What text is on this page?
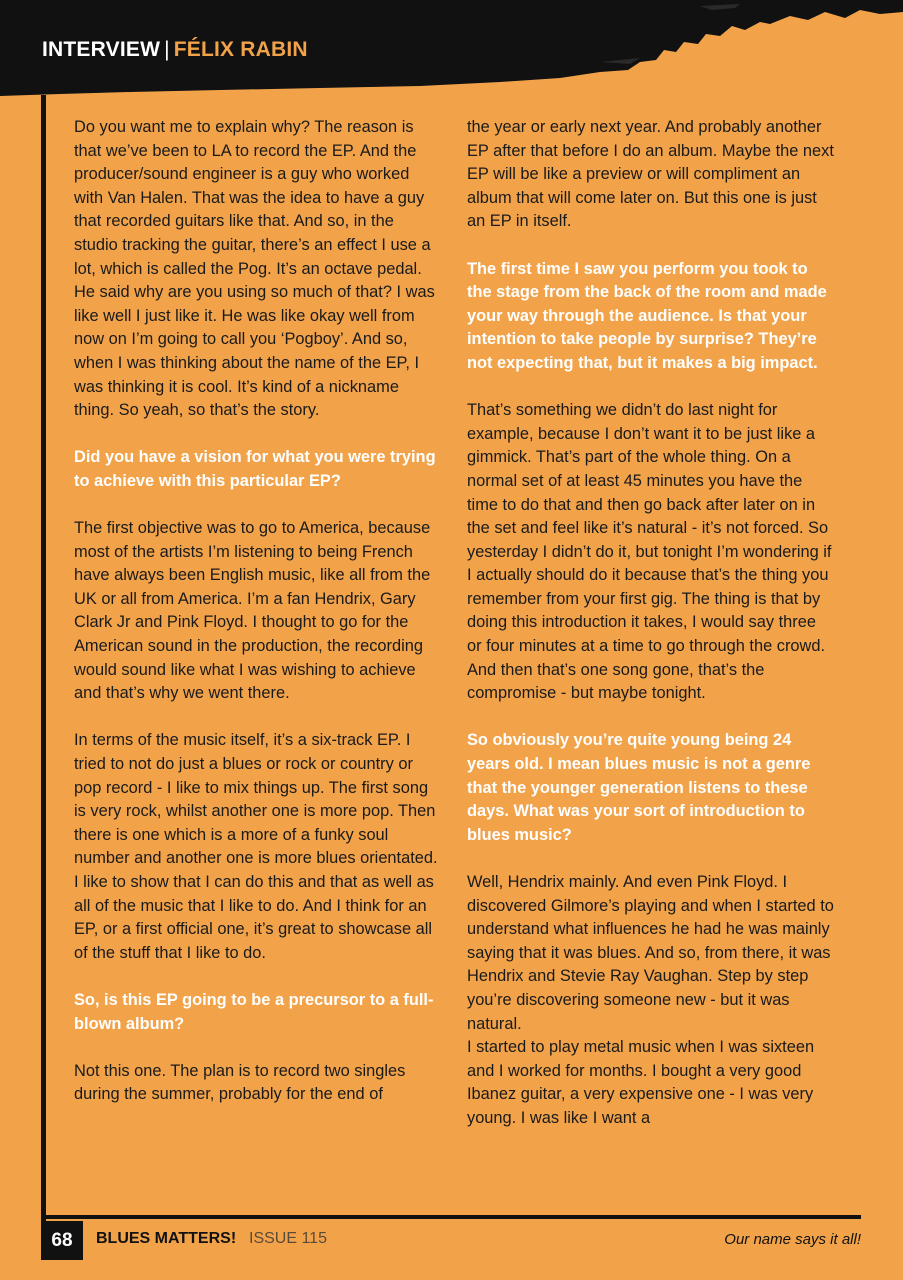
INTERVIEW | FÉLIX RABIN

Do you want me to explain why? The reason is that we’ve been to LA to record the EP. And the producer/sound engineer is a guy who worked with Van Halen. That was the idea to have a guy that recorded guitars like that. And so, in the studio tracking the guitar, there’s an effect I use a lot, which is called the Pog. It’s an octave pedal. He said why are you using so much of that? I was like well I just like it. He was like okay well from now on I’m going to call you ‘Pogboy’. And so, when I was thinking about the name of the EP, I was thinking it is cool. It’s kind of a nickname thing. So yeah, so that’s the story.

Did you have a vision for what you were trying to achieve with this particular EP?

The first objective was to go to America, because most of the artists I’m listening to being French have always been English music, like all from the UK or all from America. I’m a fan Hendrix, Gary Clark Jr and Pink Floyd. I thought to go for the American sound in the production, the recording would sound like what I was wishing to achieve and that’s why we went there.

In terms of the music itself, it’s a six-track EP. I tried to not do just a blues or rock or country or pop record - I like to mix things up. The first song is very rock, whilst another one is more pop. Then there is one which is a more of a funky soul number and another one is more blues orientated. I like to show that I can do this and that as well as all of the music that I like to do. And I think for an EP, or a first official one, it’s great to showcase all of the stuff that I like to do.

So, is this EP going to be a precursor to a full-blown album?

Not this one. The plan is to record two singles during the summer, probably for the end of

the year or early next year. And probably another EP after that before I do an album. Maybe the next EP will be like a preview or will compliment an album that will come later on. But this one is just an EP in itself.

The first time I saw you perform you took to the stage from the back of the room and made your way through the audience. Is that your intention to take people by surprise? They’re not expecting that, but it makes a big impact.

That’s something we didn’t do last night for example, because I don’t want it to be just like a gimmick. That’s part of the whole thing. On a normal set of at least 45 minutes you have the time to do that and then go back after later on in the set and feel like it’s natural - it’s not forced. So yesterday I didn’t do it, but tonight I’m wondering if I actually should do it because that’s the thing you remember from your first gig. The thing is that by doing this introduction it takes, I would say three or four minutes at a time to go through the crowd. And then that’s one song gone, that’s the compromise - but maybe tonight.

So obviously you’re quite young being 24 years old. I mean blues music is not a genre that the younger generation listens to these days. What was your sort of introduction to blues music?

Well, Hendrix mainly. And even Pink Floyd. I discovered Gilmore’s playing and when I started to understand what influences he had he was mainly saying that it was blues. And so, from there, it was Hendrix and Stevie Ray Vaughan. Step by step you’re discovering someone new - but it was natural.

I started to play metal music when I was sixteen and I worked for months. I bought a very good Ibanez guitar, a very expensive one - I was very young. I was like I want a

68	BLUES MATTERS! ISSUE 115	Our name says it all!
